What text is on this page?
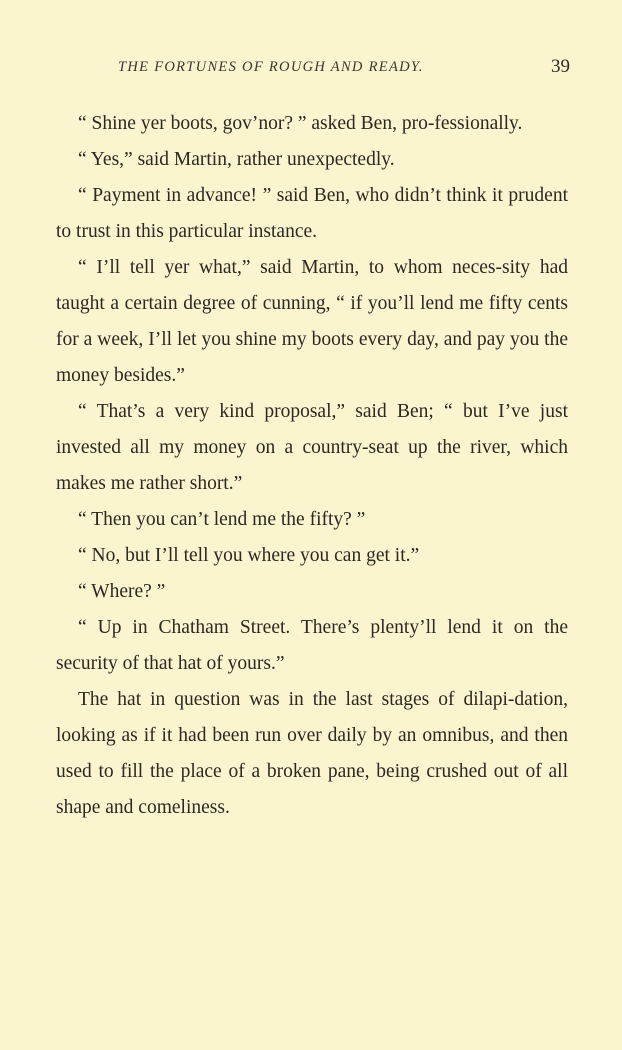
THE FORTUNES OF ROUGH AND READY.	39

“ Shine yer boots, gov’nor? ” asked Ben, pro-fessionally.

“ Yes,” said Martin, rather unexpectedly.

“ Payment in advance! ” said Ben, who didn’t think it prudent to trust in this particular instance.

“ I’ll tell yer what,” said Martin, to whom neces-sity had taught a certain degree of cunning, “ if you’ll lend me fifty cents for a week, I’ll let you shine my boots every day, and pay you the money besides.”

“ That’s a very kind proposal,” said Ben; “ but I’ve just invested all my money on a country-seat up the river, which makes me rather short.”

“ Then you can’t lend me the fifty? ”

“ No, but I’ll tell you where you can get it.”

“ Where? ”

“ Up in Chatham Street. There’s plenty’ll lend it on the security of that hat of yours.”

The hat in question was in the last stages of dilapi-dation, looking as if it had been run over daily by an omnibus, and then used to fill the place of a broken pane, being crushed out of all shape and comeliness.
